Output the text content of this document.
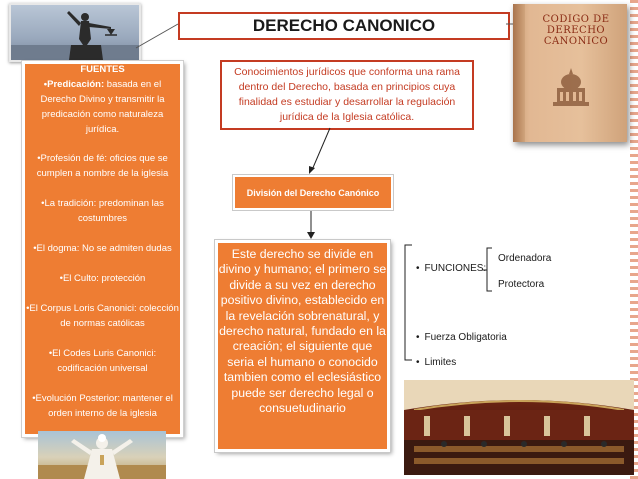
DERECHO CANONICO	CODIGO DE
DERECHO
CANONICO
FUENTES

•Predicación: basada en el Derecho Divino y transmitir la predicación como naturaleza jurídica.

•Profesión de fé: oficios que se cumplen a nombre de la iglesia

•La tradición: predominan las costumbres

•El dogma: No se admiten dudas

•El Culto: protección

•El Corpus Loris Canonici: colección de normas católicas

•El Codes Luris Canonici: codificación universal

•Evolución Posterior: mantener el orden interno de la iglesia

Conocimientos jurídicos que conforma una rama dentro del Derecho, basada en principios cuya finalidad es estudiar y desarrollar la regulación jurídica de la Iglesia católica.
División del Derecho Canónico
Este derecho se divide en divino y humano; el primero se divide a su vez en derecho positivo divino, establecido en la revelación sobrenatural, y derecho natural, fundado en la creación; el siguiente que seria el humano o conocido tambien como el eclesiástico puede ser derecho legal o consuetudinario
• FUNCIONES:
Ordenadora
Protectora
• Fuerza Obligatoria
• Limites
